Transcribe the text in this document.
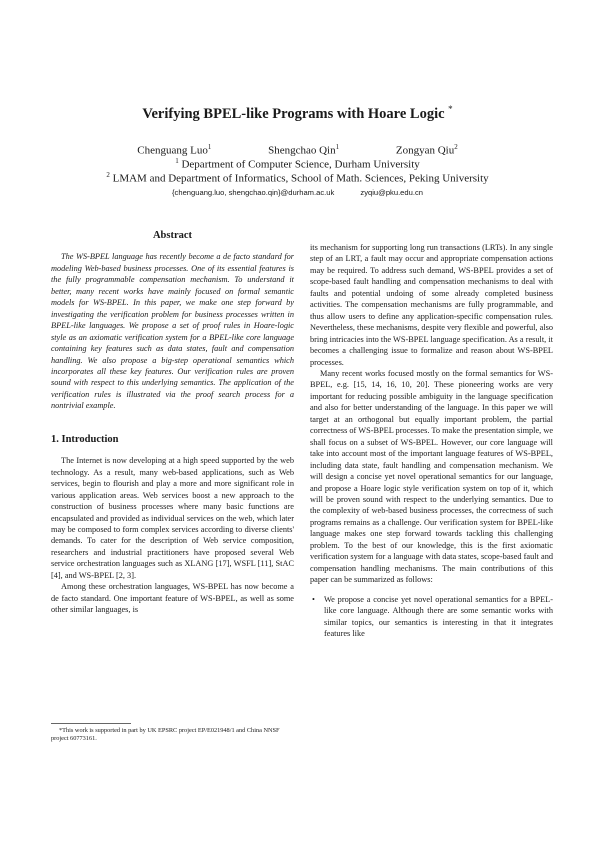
Verifying BPEL-like Programs with Hoare Logic *
Chenguang Luo$^1$	Shengchao Qin$^1$	Zongyan Qiu$^2$
$^1$ Department of Computer Science, Durham University
$^2$ LMAM and Department of Informatics, School of Math. Sciences, Peking University
{chenguang.luo, shengchao.qin}@durham.ac.uk	zyqiu@pku.edu.cn
Abstract

The WS-BPEL language has recently become a de facto standard for modeling Web-based business processes. One of its essential features is the fully programmable compensation mechanism. To understand it better, many recent works have mainly focused on formal semantic models for WS-BPEL. In this paper, we make one step forward by investigating the verification problem for business processes written in BPEL-like languages. We propose a set of proof rules in Hoare-logic style as an axiomatic verification system for a BPEL-like core language containing key features such as data states, fault and compensation handling. We also propose a big-step operational semantics which incorporates all these key features. Our verification rules are proven sound with respect to this underlying semantics. The application of the verification rules is illustrated via the proof search process for a nontrivial example.

1. Introduction

The Internet is now developing at a high speed supported by the web technology. As a result, many web-based applications, such as Web services, begin to flourish and play a more and more significant role in various application areas. Web services boost a new approach to the construction of business processes where many basic functions are encapsulated and provided as individual services on the web, which later may be composed to form complex services according to diverse clients' demands. To cater for the description of Web service composition, researchers and industrial practitioners have proposed several Web service orchestration languages such as XLANG [17], WSFL [11], StAC [4], and WS-BPEL [2, 3].

Among these orchestration languages, WS-BPEL has now become a de facto standard. One important feature of WS-BPEL, as well as some other similar languages, is

*This work is supported in part by UK EPSRC project EP/E021948/1 and China NNSF project 60773161.

its mechanism for supporting long run transactions (LRTs). In any single step of an LRT, a fault may occur and appropriate compensation actions may be required. To address such demand, WS-BPEL provides a set of scope-based fault handling and compensation mechanisms to deal with faults and potential undoing of some already completed business activities. The compensation mechanisms are fully programmable, and thus allow users to define any application-specific compensation rules. Nevertheless, these mechanisms, despite very flexible and powerful, also bring intricacies into the WS-BPEL language specification. As a result, it becomes a challenging issue to formalize and reason about WS-BPEL processes.

Many recent works focused mostly on the formal semantics for WS-BPEL, e.g. [15, 14, 16, 10, 20]. These pioneering works are very important for reducing possible ambiguity in the language specification and also for better understanding of the language. In this paper we will target at an orthogonal but equally important problem, the partial correctness of WS-BPEL processes. To make the presentation simple, we shall focus on a subset of WS-BPEL. However, our core language will take into account most of the important language features of WS-BPEL, including data state, fault handling and compensation mechanism. We will design a concise yet novel operational semantics for our language, and propose a Hoare logic style verification system on top of it, which will be proven sound with respect to the underlying semantics. Due to the complexity of web-based business processes, the correctness of such programs remains as a challenge. Our verification system for BPEL-like language makes one step forward towards tackling this challenging problem. To the best of our knowledge, this is the first axiomatic verification system for a language with data states, scope-based fault and compensation handling mechanisms. The main contributions of this paper can be summarized as follows:

• We propose a concise yet novel operational semantics for a BPEL-like core language. Although there are some semantic works with similar topics, our semantics is interesting in that it integrates features like
